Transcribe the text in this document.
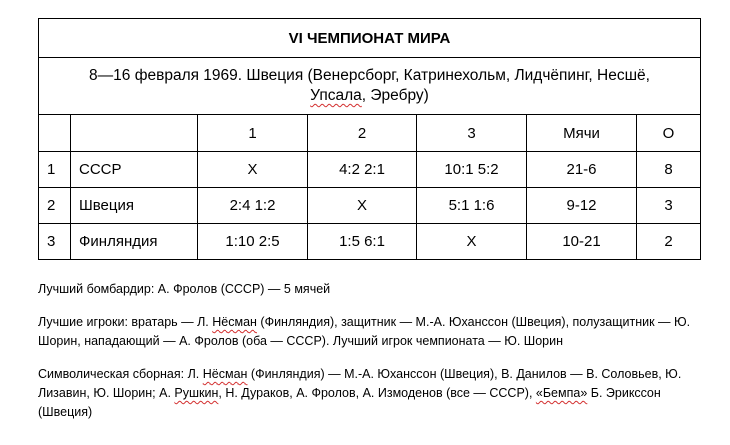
VI ЧЕМПИОНАТ МИРА						
8—16 февраля 1969. Швеция (Венерсборг, Катринехольм, Лидчёпинг, Несшё,
Упсала, Эребру)						
		1	2	3	Мячи	О
1	СССР	X	4:2 2:1	10:1 5:2	21-6	8
2	Швеция	2:4 1:2	X	5:1 1:6	9-12	3
3	Финляндия	1:10 2:5	1:5 6:1	X	10-21	2

Лучший бомбардир: А. Фролов (СССР) — 5 мячей

Лучшие игроки: вратарь — Л. Нёсман (Финляндия), защитник — М.-А. Юханссон (Швеция), полузащитник — Ю. Шорин, нападающий — А. Фролов (оба — СССР). Лучший игрок чемпионата — Ю. Шорин

Символическая сборная: Л. Нёсман (Финляндия) — М.-А. Юханссон (Швеция), В. Данилов — В. Соловьев, Ю. Лизавин, Ю. Шорин; А. Рушкин, Н. Дураков, А. Фролов, А. Измоденов (все — СССР), «Бемпа» Б. Эриксcон (Швеция)
